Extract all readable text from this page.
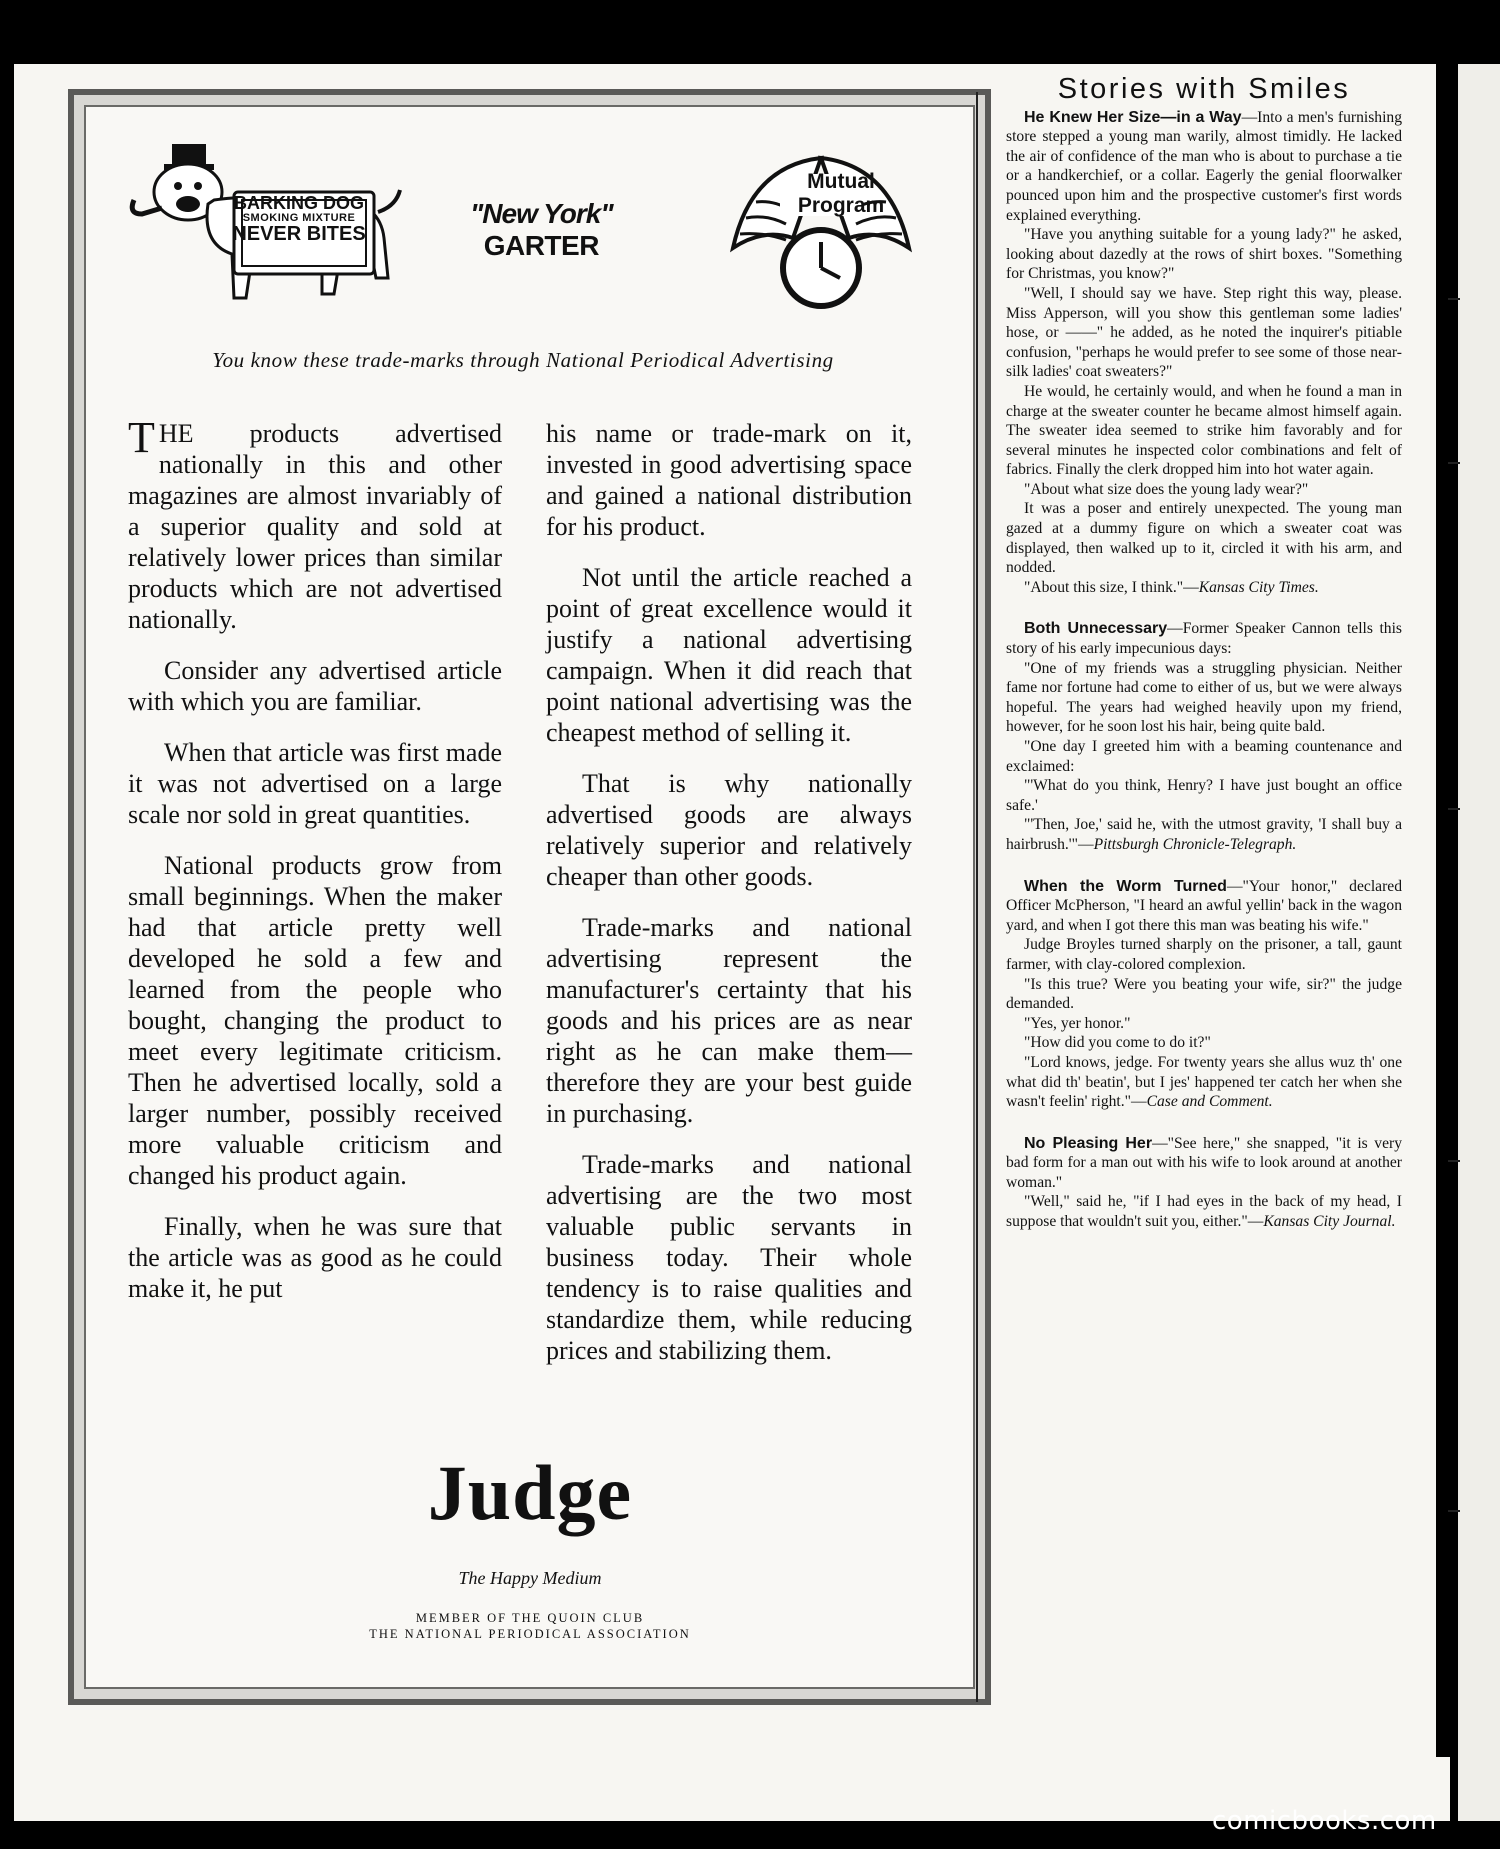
BARKING DOG
SMOKING MIXTURE
NEVER BITES
"New York"
GARTER
Mutual
Program
You know these trade-marks through National Periodical Advertising

THE products advertised nationally in this and other magazines are almost invariably of a superior quality and sold at relatively lower prices than similar products which are not advertised nationally.

Consider any advertised article with which you are familiar.

When that article was first made it was not advertised on a large scale nor sold in great quantities.

National products grow from small beginnings. When the maker had that article pretty well developed he sold a few and learned from the people who bought, changing the product to meet every legitimate criticism. Then he advertised locally, sold a larger number, possibly received more valuable criticism and changed his product again.

Finally, when he was sure that the article was as good as he could make it, he put

his name or trade-mark on it, invested in good advertising space and gained a national distribution for his product.

Not until the article reached a point of great excellence would it justify a national advertising campaign. When it did reach that point national advertising was the cheapest method of selling it.

That is why nationally advertised goods are always relatively superior and relatively cheaper than other goods.

Trade-marks and national advertising represent the manufacturer's certainty that his goods and his prices are as near right as he can make them—therefore they are your best guide in purchasing.

Trade-marks and national advertising are the two most valuable public servants in business today. Their whole tendency is to raise qualities and standardize them, while reducing prices and stabilizing them.

Judge
The Happy Medium
MEMBER OF THE QUOIN CLUB
THE NATIONAL PERIODICAL ASSOCIATION
Stories with Smiles

He Knew Her Size—in a Way—Into a men's furnishing store stepped a young man warily, almost timidly. He lacked the air of confidence of the man who is about to purchase a tie or a handkerchief, or a collar. Eagerly the genial floorwalker pounced upon him and the prospective customer's first words explained everything.

"Have you anything suitable for a young lady?" he asked, looking about dazedly at the rows of shirt boxes. "Something for Christmas, you know?"

"Well, I should say we have. Step right this way, please. Miss Apperson, will you show this gentleman some ladies' hose, or ——" he added, as he noted the inquirer's pitiable confusion, "perhaps he would prefer to see some of those near-silk ladies' coat sweaters?"

He would, he certainly would, and when he found a man in charge at the sweater counter he became almost himself again. The sweater idea seemed to strike him favorably and for several minutes he inspected color combinations and felt of fabrics. Finally the clerk dropped him into hot water again.

"About what size does the young lady wear?"

It was a poser and entirely unexpected. The young man gazed at a dummy figure on which a sweater coat was displayed, then walked up to it, circled it with his arm, and nodded.

"About this size, I think."—Kansas City Times.

Both Unnecessary—Former Speaker Cannon tells this story of his early impecunious days:

"One of my friends was a struggling physician. Neither fame nor fortune had come to either of us, but we were always hopeful. The years had weighed heavily upon my friend, however, for he soon lost his hair, being quite bald.

"One day I greeted him with a beaming countenance and exclaimed:

"'What do you think, Henry? I have just bought an office safe.'

"'Then, Joe,' said he, with the utmost gravity, 'I shall buy a hairbrush.'"—Pittsburgh Chronicle-Telegraph.

When the Worm Turned—"Your honor," declared Officer McPherson, "I heard an awful yellin' back in the wagon yard, and when I got there this man was beating his wife."

Judge Broyles turned sharply on the prisoner, a tall, gaunt farmer, with clay-colored complexion.

"Is this true? Were you beating your wife, sir?" the judge demanded.

"Yes, yer honor."

"How did you come to do it?"

"Lord knows, jedge. For twenty years she allus wuz th' one what did th' beatin', but I jes' happened ter catch her when she wasn't feelin' right."—Case and Comment.

No Pleasing Her—"See here," she snapped, "it is very bad form for a man out with his wife to look around at another woman."

"Well," said he, "if I had eyes in the back of my head, I suppose that wouldn't suit you, either."—Kansas City Journal.

comicbooks.com
